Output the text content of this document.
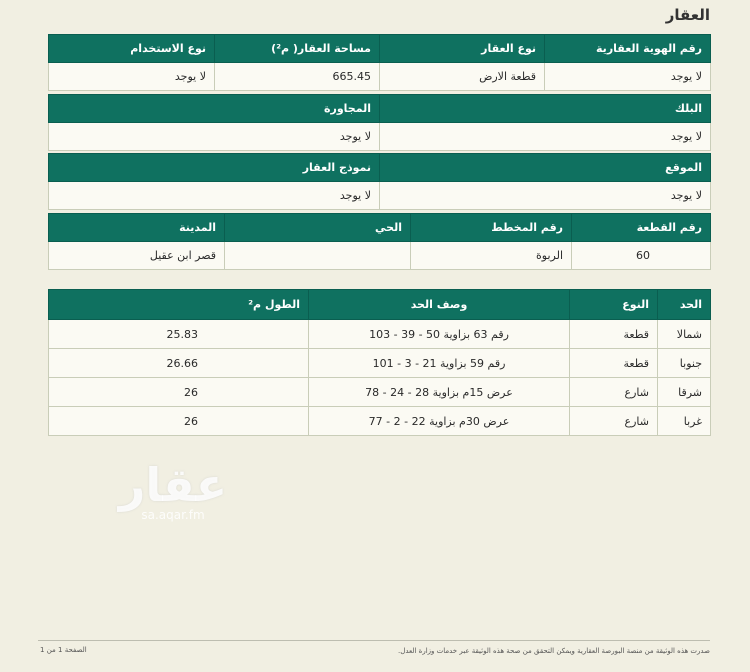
العقار
رقم الهوية العقارية	نوع العقار	مساحة العقار( م²)	نوع الاستخدام
لا يوجد	قطعة الارض	665.45	لا يوجد
البلك	المجاورة
لا يوجد	لا يوجد
الموقع	نموذج العقار
لا يوجد	لا يوجد
رقم القطعة	رقم المخطط	الحي	المدينة
60	الربوة		قصر ابن عقيل
الحد	النوع	وصف الحد	الطول م²
شمالا	قطعة	رقم 63 بزاوية 50 - 39 - 103	25.83
جنوبا	قطعة	رقم 59 بزاوية 21 - 3 - 101	26.66
شرقا	شارع	عرض 15م بزاوية 28 - 24 - 78	26
غربا	شارع	عرض 30م بزاوية 22 - 2 - 77	26
عقار
sa.aqar.fm
صدرت هذه الوثيقة من منصة البورصة العقارية ويمكن التحقق من صحة هذه الوثيقة عبر خدمات وزارة العدل.
الصفحة 1 من 1
